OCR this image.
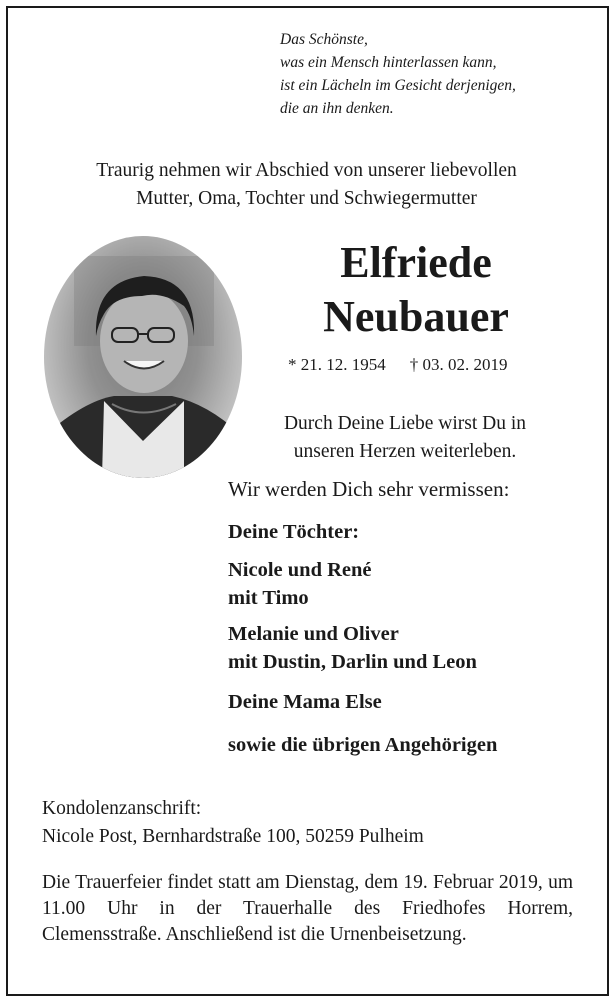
Das Schönste,
was ein Mensch hinterlassen kann,
ist ein Lächeln im Gesicht derjenigen,
die an ihn denken.
Traurig nehmen wir Abschied von unserer liebevollen
Mutter, Oma, Tochter und Schwiegermutter
Elfriede
Neubauer
* 21. 12. 1954 † 03. 02. 2019
Durch Deine Liebe wirst Du in
unseren Herzen weiterleben.
Wir werden Dich sehr vermissen:
Deine Töchter:
Nicole und René
mit Timo
Melanie und Oliver
mit Dustin, Darlin und Leon
Deine Mama Else
sowie die übrigen Angehörigen
Kondolenzanschrift:
Nicole Post, Bernhardstraße 100, 50259 Pulheim
Die Trauerfeier findet statt am Dienstag, dem 19. Februar 2019, um 11.00 Uhr in der Trauerhalle des Friedhofes Horrem, Clemensstraße. Anschließend ist die Urnenbeisetzung.
